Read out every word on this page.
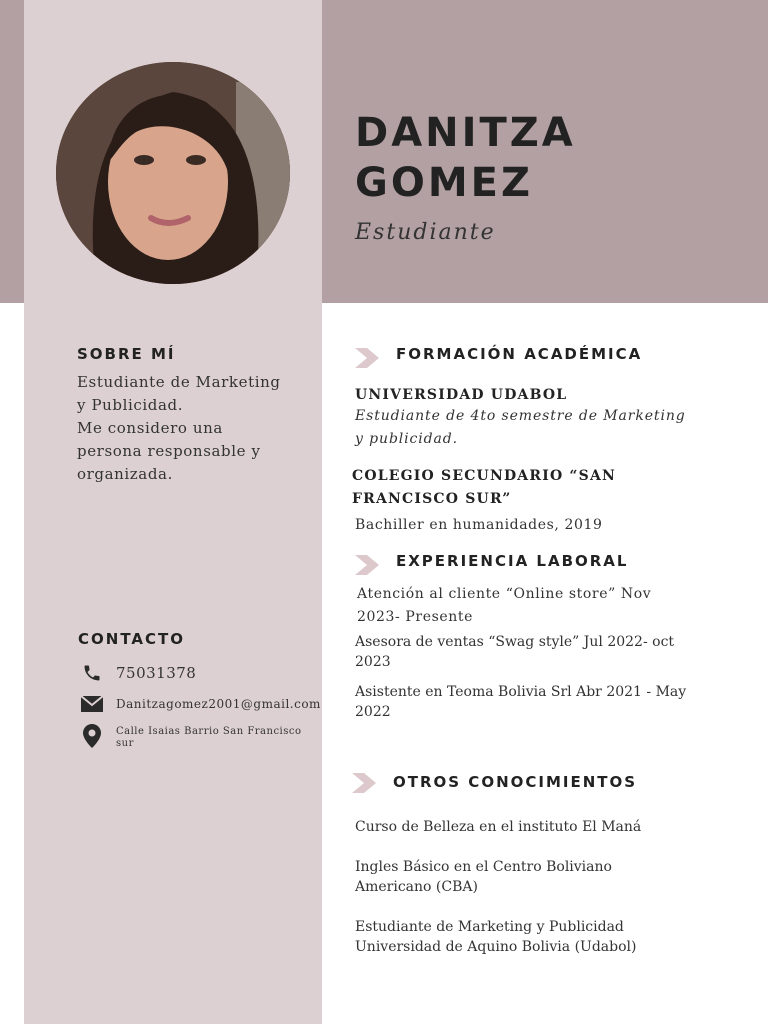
DANITZA
GOMEZ
Estudiante
SOBRE MÍ
Estudiante de Marketing
y Publicidad.
Me considero una
persona responsable y
organizada.
CONTACTO
75031378
Danitzagomez2001@gmail.com
Calle Isaias Barrio San Francisco
sur
FORMACIÓN ACADÉMICA
UNIVERSIDAD UDABOL
Estudiante de 4to semestre de Marketing
y publicidad.
COLEGIO SECUNDARIO “SAN
FRANCISCO SUR”
Bachiller en humanidades, 2019
EXPERIENCIA LABORAL
Atención al cliente “Online store” Nov
2023- Presente
Asesora de ventas “Swag style” Jul 2022- oct
2023
Asistente en Teoma Bolivia Srl Abr 2021 - May
2022
OTROS CONOCIMIENTOS
Curso de Belleza en el instituto El Maná
Ingles Básico en el Centro Boliviano
Americano (CBA)
Estudiante de Marketing y Publicidad
Universidad de Aquino Bolivia (Udabol)
